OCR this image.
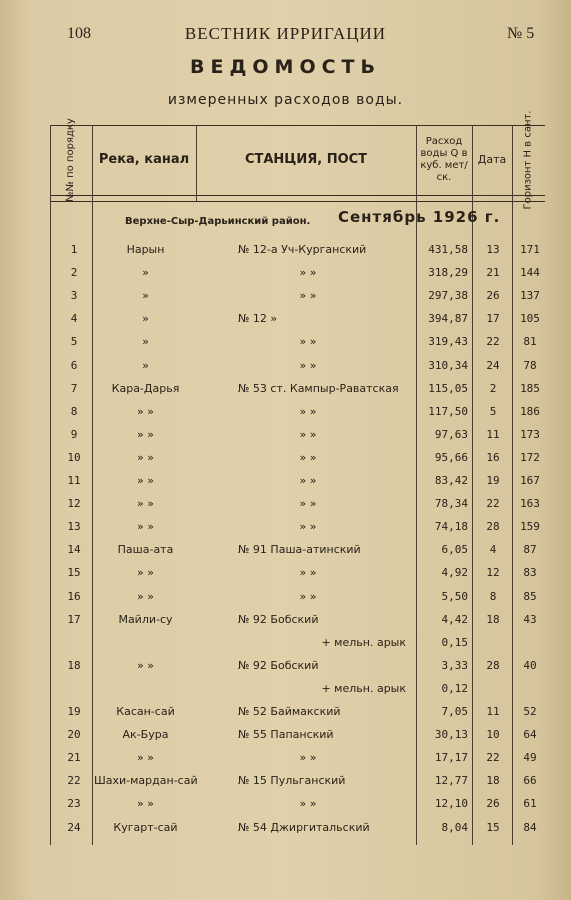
108	ВЕСТНИК ИРРИГАЦИИ	№ 5
ВЕДОМОСТЬ
измеренных расходов воды.
№№ по порядку	Река, канал	СТАНЦИЯ, ПОСТ
Расход воды Q в куб. мет/ск.
Дата	Горизонт H в сант.
Верхне-Сыр-Дарьинский район. Сентябрь 1926 г.
1	Нарын	№ 12-а Уч-Курганский	431,58	13	171
2	»	» »	318,29	21	144
3	»	» »	297,38	26	137
4	»	№ 12 »	394,87	17	105
5	»	» »	319,43	22	81
6	»	» »	310,34	24	78
7	Кара-Дарья	№ 53 ст. Кампыр-Раватская	115,05	2	185
8	» »	» »	117,50	5	186
9	» »	» »	97,63	11	173
10	» »	» »	95,66	16	172
11	» »	» »	83,42	19	167
12	» »	» »	78,34	22	163
13	» »	» »	74,18	28	159
14	Паша-ата	№ 91 Паша-атинский	6,05	4	87
15	» »	» »	4,92	12	83
16	» »	» »	5,50	8	85
17	Майли-су	№ 92 Бобский	4,42	18	43
+ мельн. арык	0,15
18	» »	№ 92 Бобский	3,33	28	40
+ мельн. арык	0,12
19	Касан-сай	№ 52 Баймакский	7,05	11	52
20	Ак-Бура	№ 55 Папанский	30,13	10	64
21	» »	» »	17,17	22	49
22	Шахи-мардан-сай	№ 15 Пульганский	12,77	18	66
23	» »	» »	12,10	26	61
24	Кугарт-сай	№ 54 Джиргитальский	8,04	15	84
